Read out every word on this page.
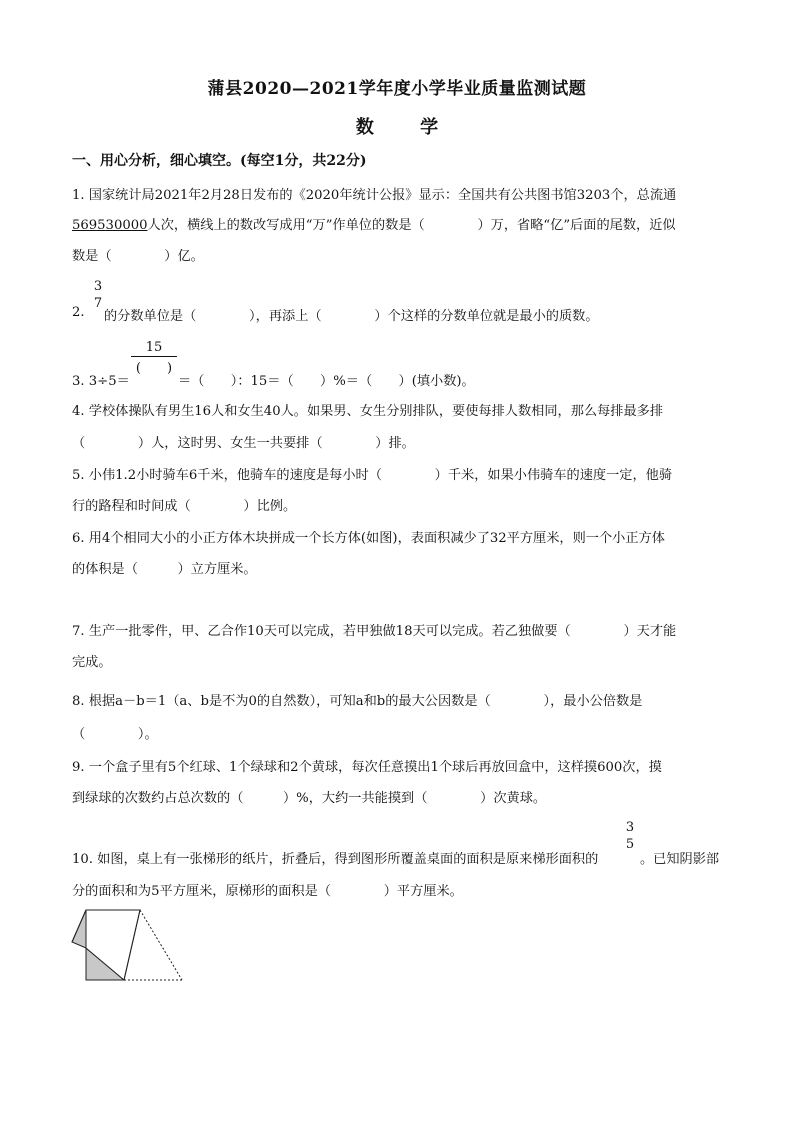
蒲县2020—2021学年度小学毕业质量监测试题
数 学
一、用心分析，细心填空。(每空1分，共22分)
1. 国家统计局2021年2月28日发布的《2020年统计公报》显示：全国共有公共图书馆3203个，总流通
569530000人次，横线上的数改写成用“万”作单位的数是（　　　　）万，省略“亿”后面的尾数，近似
数是（　　　　）亿。
3
7
2. 的分数单位是（　　　　），再添上（　　　　）个这样的分数单位就是最小的质数。
15
(　　)
3. 3÷5＝	＝（　　）：15＝（　　）%＝（　　）(填小数)。
4. 学校体操队有男生16人和女生40人。如果男、女生分别排队，要使每排人数相同，那么每排最多排
（　　　　）人，这时男、女生一共要排（　　　　）排。
5. 小伟1.2小时骑车6千米，他骑车的速度是每小时（　　　　）千米，如果小伟骑车的速度一定，他骑
行的路程和时间成（　　　　）比例。
6. 用4个相同大小的小正方体木块拼成一个长方体(如图)，表面积减少了32平方厘米，则一个小正方体
的体积是（　　　）立方厘米。
7. 生产一批零件，甲、乙合作10天可以完成，若甲独做18天可以完成。若乙独做要（　　　　）天才能
完成。
8. 根据a－b＝1（a、b是不为0的自然数），可知a和b的最大公因数是（　　　　），最小公倍数是
（　　　　）。
9. 一个盒子里有5个红球、1个绿球和2个黄球，每次任意摸出1个球后再放回盒中，这样摸600次，摸
到绿球的次数约占总次数的（　　　）%，大约一共能摸到（　　　　）次黄球。
10. 如图，桌上有一张梯形的纸片，折叠后，得到图形所覆盖桌面的面积是原来梯形面积的
3
5
。已知阴影部
分的面积和为5平方厘米，原梯形的面积是（　　　　）平方厘米。
